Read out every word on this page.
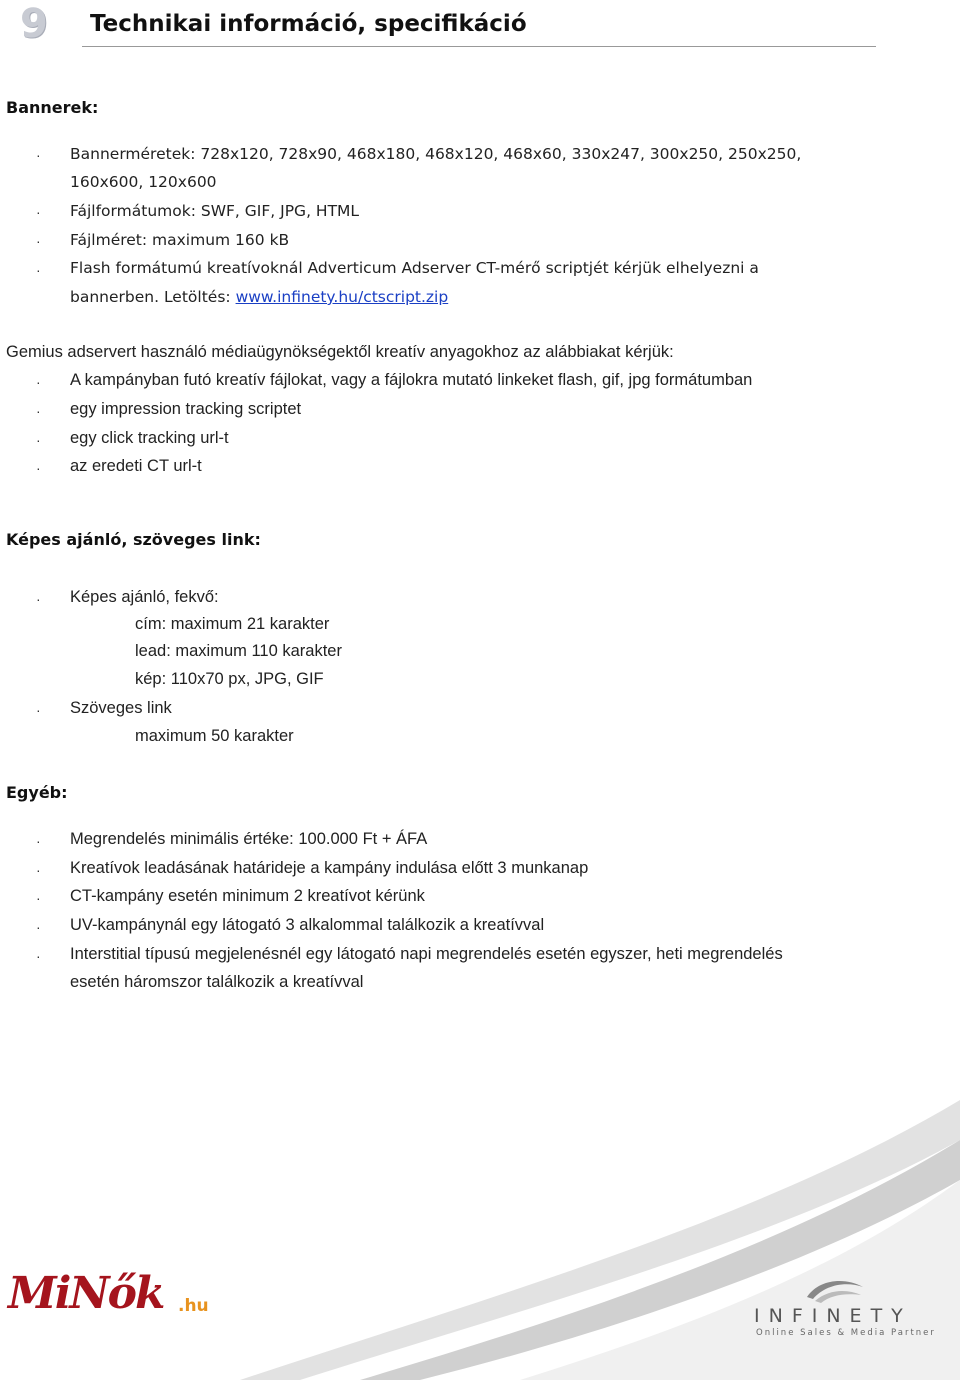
9 Technikai információ, specifikáció
Bannerek:
· Bannerméretek: 728x120, 728x90, 468x180, 468x120, 468x60, 330x247, 300x250, 250x250,
160x600, 120x600
· Fájlformátumok: SWF, GIF, JPG, HTML
· Fájlméret: maximum 160 kB
· Flash formátumú kreatívoknál Adverticum Adserver CT-mérő scriptjét kérjük elhelyezni a
bannerben. Letöltés: www.infinety.hu/ctscript.zip
Gemius adservert használó médiaügynökségektől kreatív anyagokhoz az alábbiakat kérjük:
· A kampányban futó kreatív fájlokat, vagy a fájlokra mutató linkeket flash, gif, jpg formátumban
· egy impression tracking scriptet
· egy click tracking url-t
· az eredeti CT url-t
Képes ajánló, szöveges link:
· Képes ajánló, fekvő:
cím: maximum 21 karakter
lead: maximum 110 karakter
kép: 110x70 px, JPG, GIF
· Szöveges link
maximum 50 karakter
Egyéb:
· Megrendelés minimális értéke: 100.000 Ft + ÁFA
· Kreatívok leadásának határideje a kampány indulása előtt 3 munkanap
· CT-kampány esetén minimum 2 kreatívot kérünk
· UV-kampánynál egy látogató 3 alkalommal találkozik a kreatívval
· Interstitial típusú megjelenésnél egy látogató napi megrendelés esetén egyszer, heti megrendelés
esetén háromszor találkozik a kreatívval
MiNők .hu	INFINETY
Online Sales & Media Partner
